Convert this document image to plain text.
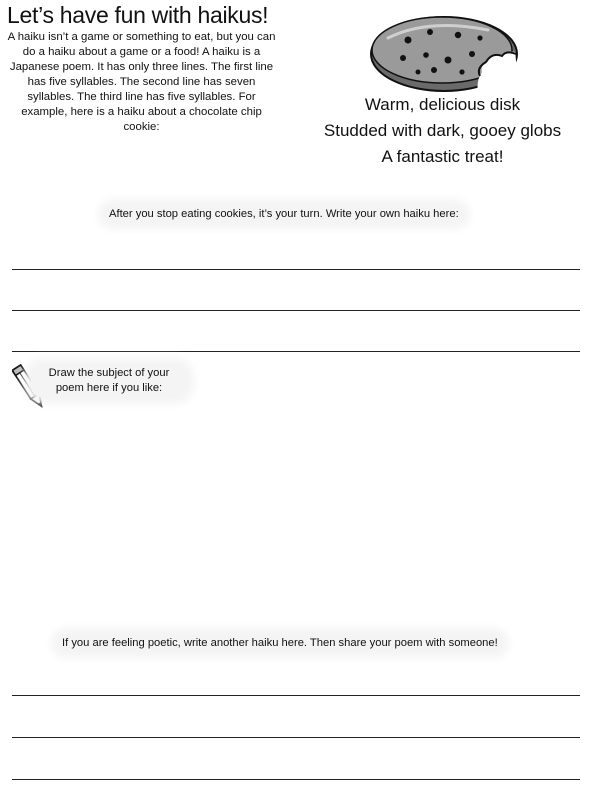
Let’s have fun with haikus!

A haiku isn’t a game or something to eat, but you can do a haiku about a game or a food! A haiku is a Japanese poem. It has only three lines. The first line has five syllables. The second line has seven syllables. The third line has five syllables. For example, here is a haiku about a chocolate chip cookie:

Warm, delicious disk
Studded with dark, gooey globs
A fantastic treat!
After you stop eating cookies, it’s your turn. Write your own haiku here:
Draw the subject of your poem here if you like:
If you are feeling poetic, write another haiku here. Then share your poem with someone!
